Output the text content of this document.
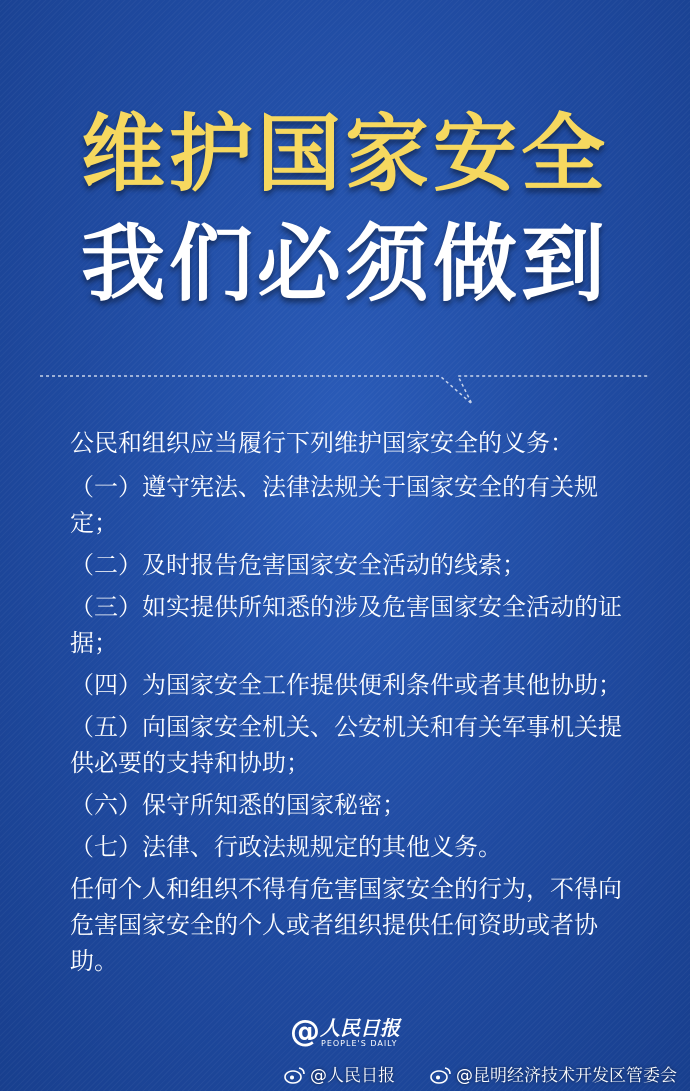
维护国家安全
我们必须做到

公民和组织应当履行下列维护国家安全的义务：

（一）遵守宪法、法律法规关于国家安全的有关规定；

（二）及时报告危害国家安全活动的线索；

（三）如实提供所知悉的涉及危害国家安全活动的证据；

（四）为国家安全工作提供便利条件或者其他协助；

（五）向国家安全机关、公安机关和有关军事机关提供必要的支持和协助；

（六）保守所知悉的国家秘密；

（七）法律、行政法规规定的其他义务。

任何个人和组织不得有危害国家安全的行为，不得向危害国家安全的个人或者组织提供任何资助或者协助。

@ 人民日报
PEOPLE'S DAILY
@人民日报	@昆明经济技术开发区管委会
